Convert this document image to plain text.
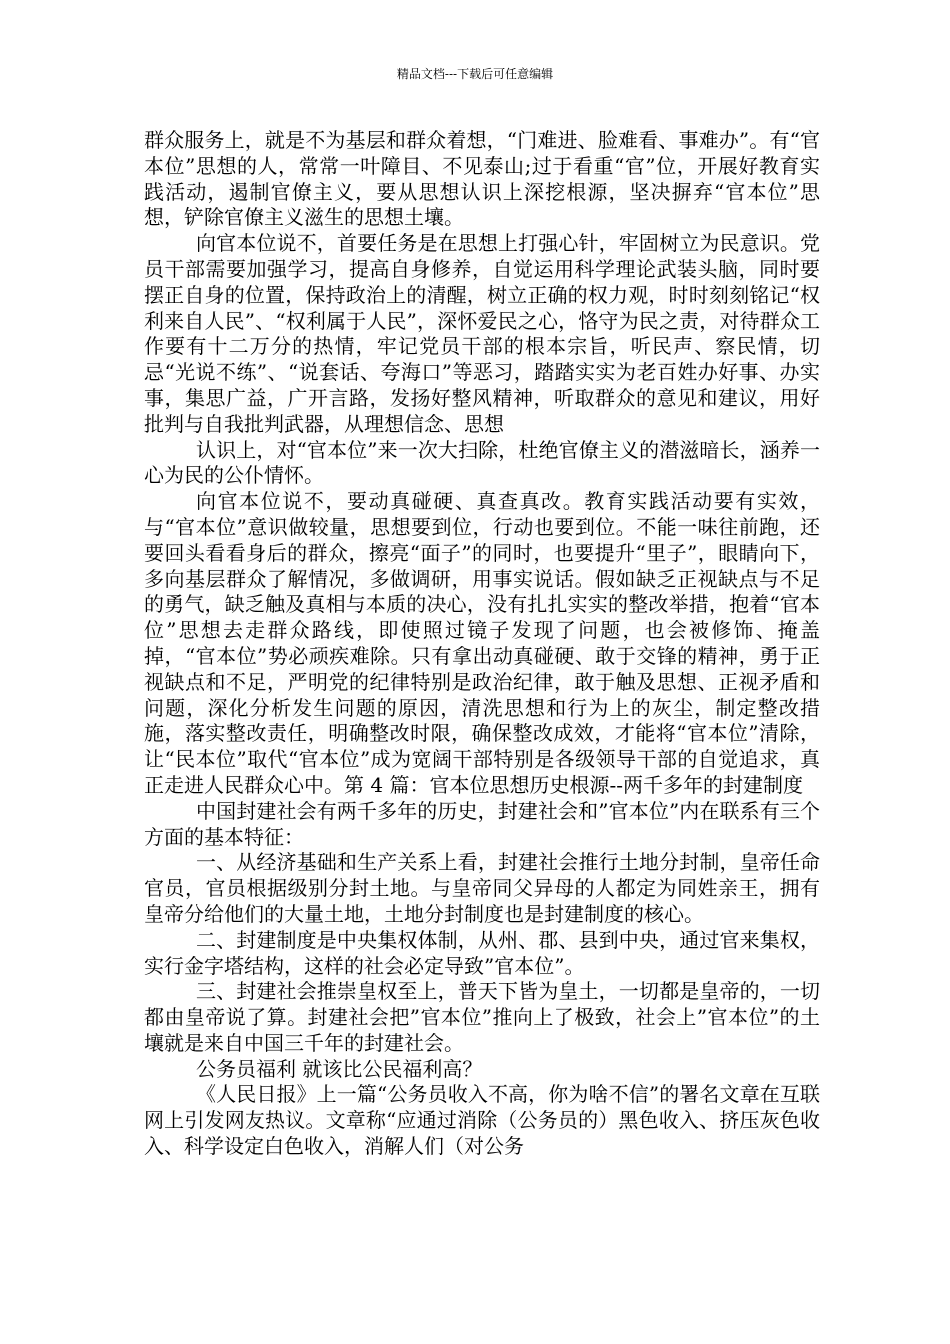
精品文档---下载后可任意编辑

群众服务上，就是不为基层和群众着想，“门难进、脸难看、事难办”。有“官本位”思想的人，常常一叶障目、不见泰山;过于看重“官”位，开展好教育实践活动，遏制官僚主义，要从思想认识上深挖根源，坚决摒弃“官本位”思想，铲除官僚主义滋生的思想土壤。

向官本位说不，首要任务是在思想上打强心针，牢固树立为民意识。党员干部需要加强学习，提高自身修养，自觉运用科学理论武装头脑，同时要摆正自身的位置，保持政治上的清醒，树立正确的权力观，时时刻刻铭记“权利来自人民”、“权利属于人民”，深怀爱民之心，恪守为民之责，对待群众工作要有十二万分的热情，牢记党员干部的根本宗旨，听民声、察民情，切忌“光说不练”、“说套话、夸海口”等恶习，踏踏实实为老百姓办好事、办实事，集思广益，广开言路，发扬好整风精神，听取群众的意见和建议，用好批判与自我批判武器，从理想信念、思想

认识上，对“官本位”来一次大扫除，杜绝官僚主义的潜滋暗长，涵养一心为民的公仆情怀。

向官本位说不，要动真碰硬、真查真改。教育实践活动要有实效，与“官本位”意识做较量，思想要到位，行动也要到位。不能一味往前跑，还要回头看看身后的群众，擦亮“面子”的同时，也要提升“里子”，眼睛向下，多向基层群众了解情况，多做调研，用事实说话。假如缺乏正视缺点与不足的勇气，缺乏触及真相与本质的决心，没有扎扎实实的整改举措，抱着“官本位”思想去走群众路线，即使照过镜子发现了问题，也会被修饰、掩盖掉，“官本位”势必顽疾难除。只有拿出动真碰硬、敢于交锋的精神，勇于正视缺点和不足，严明党的纪律特别是政治纪律，敢于触及思想、正视矛盾和问题，深化分析发生问题的原因，清洗思想和行为上的灰尘，制定整改措施，落实整改责任，明确整改时限，确保整改成效，才能将“官本位”清除，让“民本位”取代“官本位”成为宽阔干部特别是各级领导干部的自觉追求，真正走进人民群众心中。第 4 篇：官本位思想历史根源--两千多年的封建制度

中国封建社会有两千多年的历史，封建社会和”官本位”内在联系有三个方面的基本特征：

一、从经济基础和生产关系上看，封建社会推行土地分封制，皇帝任命官员，官员根据级别分封土地。与皇帝同父异母的人都定为同姓亲王，拥有皇帝分给他们的大量土地，土地分封制度也是封建制度的核心。

二、封建制度是中央集权体制，从州、郡、县到中央，通过官来集权，实行金字塔结构，这样的社会必定导致”官本位”。

三、封建社会推崇皇权至上，普天下皆为皇土，一切都是皇帝的，一切都由皇帝说了算。封建社会把”官本位”推向上了极致，社会上”官本位”的土壤就是来自中国三千年的封建社会。

公务员福利 就该比公民福利高？

《人民日报》上一篇“公务员收入不高，你为啥不信”的署名文章在互联网上引发网友热议。文章称“应通过消除（公务员的）黑色收入、挤压灰色收入、科学设定白色收入，消解人们（对公务
